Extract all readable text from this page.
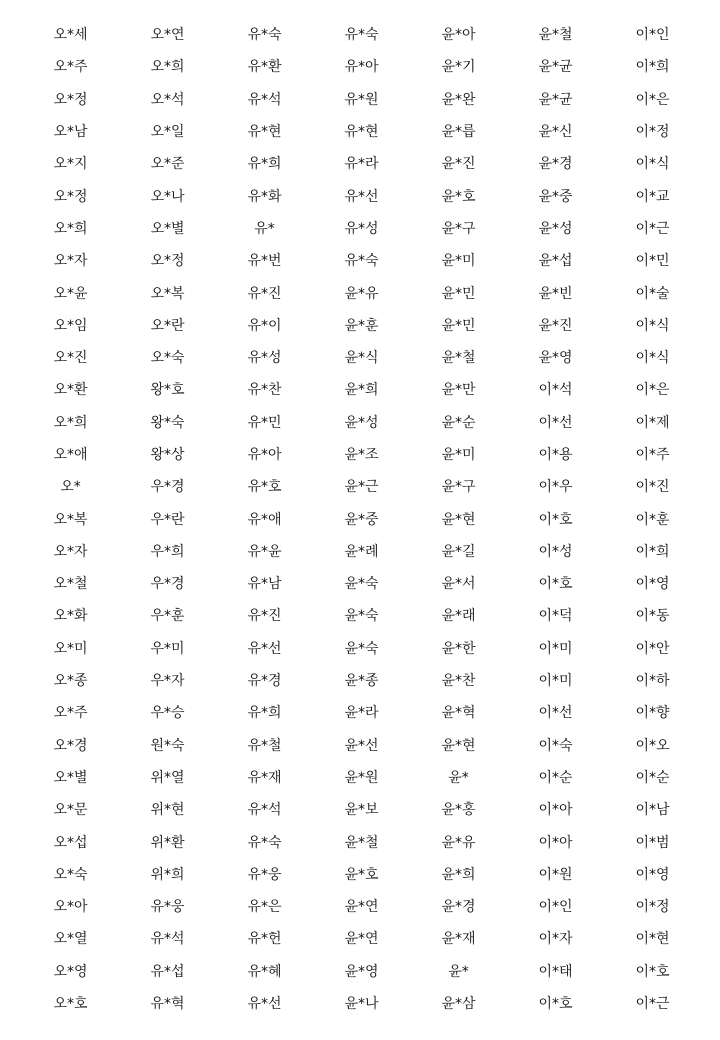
오*세	오*연	유*숙	유*숙	윤*아	윤*철	이*인
오*주	오*희	유*환	유*아	윤*기	윤*균	이*희
오*정	오*석	유*석	유*원	윤*완	윤*균	이*은
오*남	오*일	유*현	유*현	윤*릅	윤*신	이*정
오*지	오*준	유*희	유*라	윤*진	윤*경	이*식
오*정	오*나	유*화	유*선	윤*호	윤*중	이*교
오*희	오*별	유*	유*성	윤*구	윤*성	이*근
오*자	오*정	유*번	유*숙	윤*미	윤*섭	이*민
오*윤	오*복	유*진	윤*유	윤*민	윤*빈	이*술
오*임	오*란	유*이	윤*훈	윤*민	윤*진	이*식
오*진	오*숙	유*성	윤*식	윤*철	윤*영	이*식
오*환	왕*호	유*찬	윤*희	윤*만	이*석	이*은
오*희	왕*숙	유*민	윤*성	윤*순	이*선	이*제
오*애	왕*상	유*아	윤*조	윤*미	이*용	이*주
오*	우*경	유*호	윤*근	윤*구	이*우	이*진
오*복	우*란	유*애	윤*중	윤*현	이*호	이*훈
오*자	우*희	유*윤	윤*례	윤*길	이*성	이*희
오*철	우*경	유*남	윤*숙	윤*서	이*호	이*영
오*화	우*훈	유*진	윤*숙	윤*래	이*덕	이*동
오*미	우*미	유*선	윤*숙	윤*한	이*미	이*안
오*종	우*자	유*경	윤*종	윤*찬	이*미	이*하
오*주	우*승	유*희	윤*라	윤*혁	이*선	이*향
오*경	원*숙	유*철	윤*선	윤*현	이*숙	이*오
오*별	위*열	유*재	윤*원	윤*	이*순	이*순
오*문	위*현	유*석	윤*보	윤*홍	이*아	이*남
오*섭	위*환	유*숙	윤*철	윤*유	이*아	이*범
오*숙	위*희	유*웅	윤*호	윤*희	이*원	이*영
오*아	유*웅	유*은	윤*연	윤*경	이*인	이*정
오*열	유*석	유*헌	윤*연	윤*재	이*자	이*현
오*영	유*섭	유*혜	윤*영	윤*	이*태	이*호
오*호	유*혁	유*선	윤*나	윤*삼	이*호	이*근
